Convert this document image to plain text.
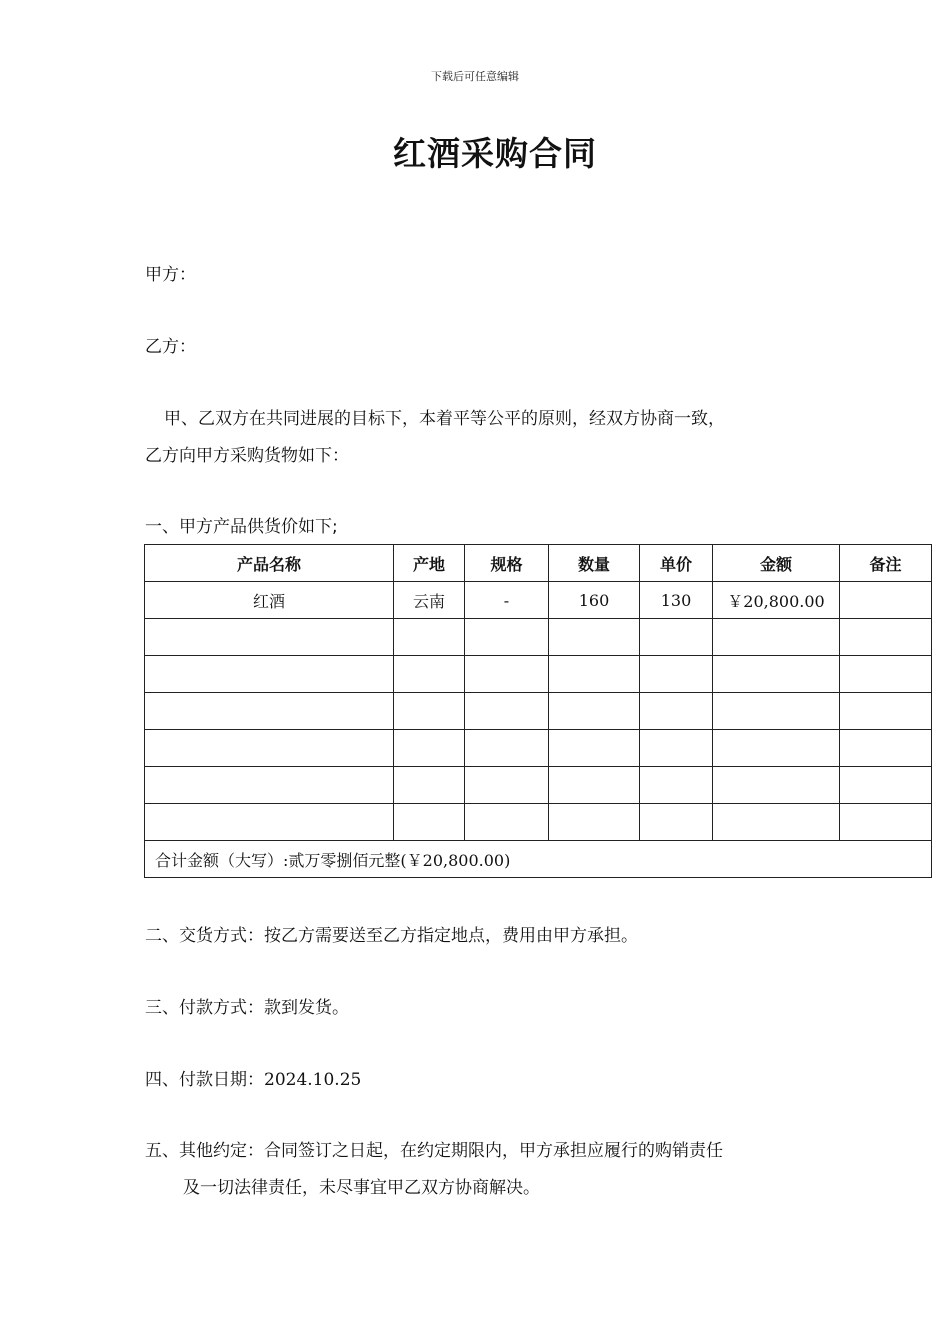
下载后可任意编辑
红酒采购合同
甲方：
乙方：
甲、乙双方在共同进展的目标下，本着平等公平的原则，经双方协商一致，
乙方向甲方采购货物如下：
一、甲方产品供货价如下;
产品名称	产地	规格	数量	单价	金额	备注
红酒	云南	-	160	130	￥20,800.00	

合计金额（大写）:贰万零捌佰元整(￥20,800.00)						
二、交货方式：按乙方需要送至乙方指定地点，费用由甲方承担。
三、付款方式：款到发货。
四、付款日期：2024.10.25
五、其他约定：合同签订之日起，在约定期限内，甲方承担应履行的购销责任
及一切法律责任，未尽事宜甲乙双方协商解决。
